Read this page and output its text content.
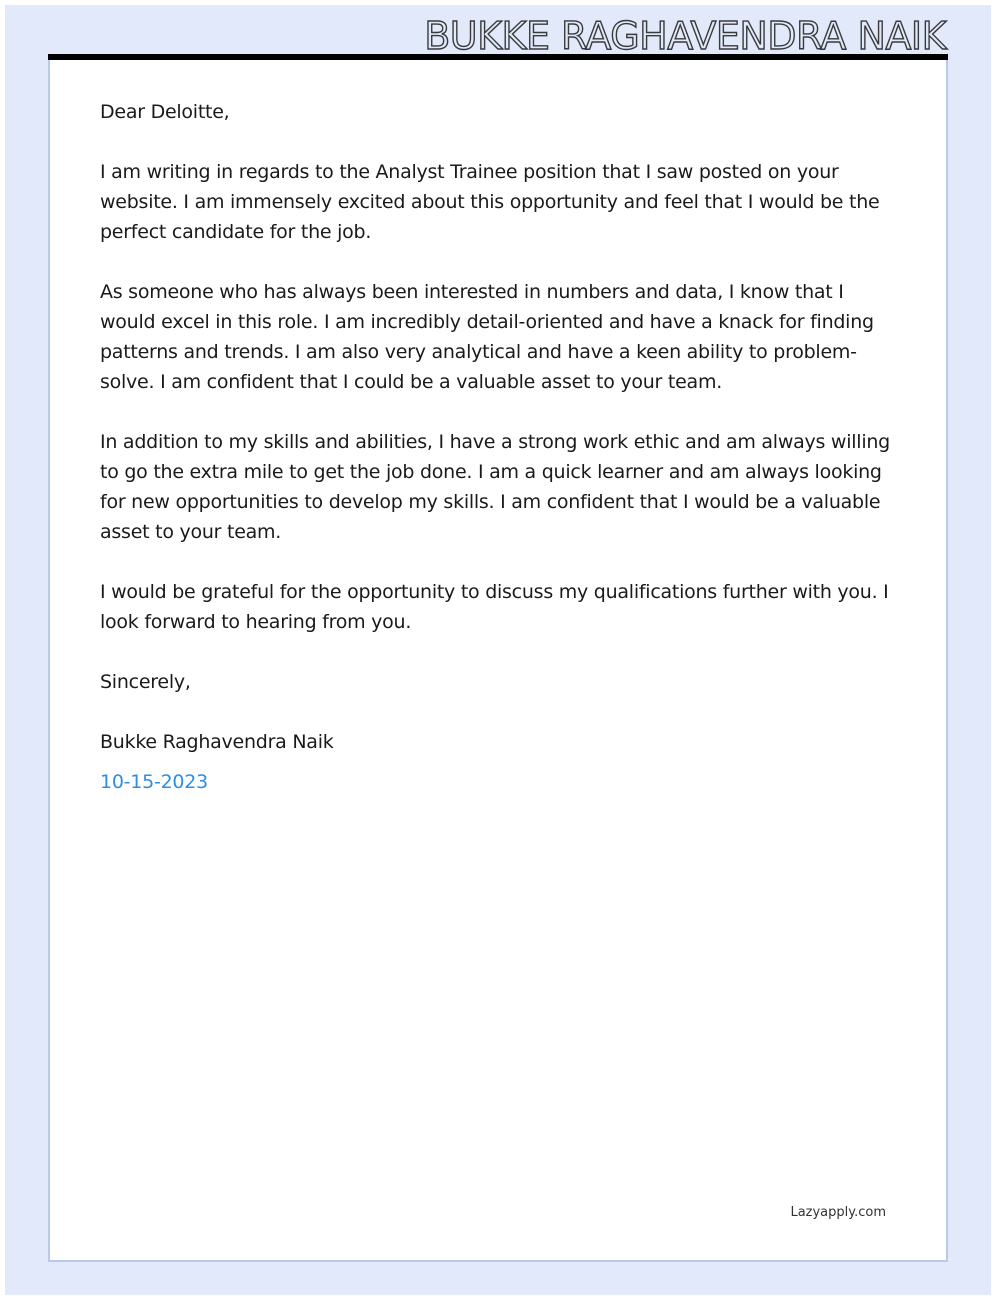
Lazyapply.com
BUKKE RAGHAVENDRA NAIK

Dear Deloitte,

I am writing in regards to the Analyst Trainee position that I saw posted on your website. I am immensely excited about this opportunity and feel that I would be the perfect candidate for the job.

As someone who has always been interested in numbers and data, I know that I would excel in this role. I am incredibly detail-oriented and have a knack for finding patterns and trends. I am also very analytical and have a keen ability to problem-solve. I am confident that I could be a valuable asset to your team.

In addition to my skills and abilities, I have a strong work ethic and am always willing to go the extra mile to get the job done. I am a quick learner and am always looking for new opportunities to develop my skills. I am confident that I would be a valuable asset to your team.

I would be grateful for the opportunity to discuss my qualifications further with you. I look forward to hearing from you.

Sincerely,

Bukke Raghavendra Naik

10-15-2023
